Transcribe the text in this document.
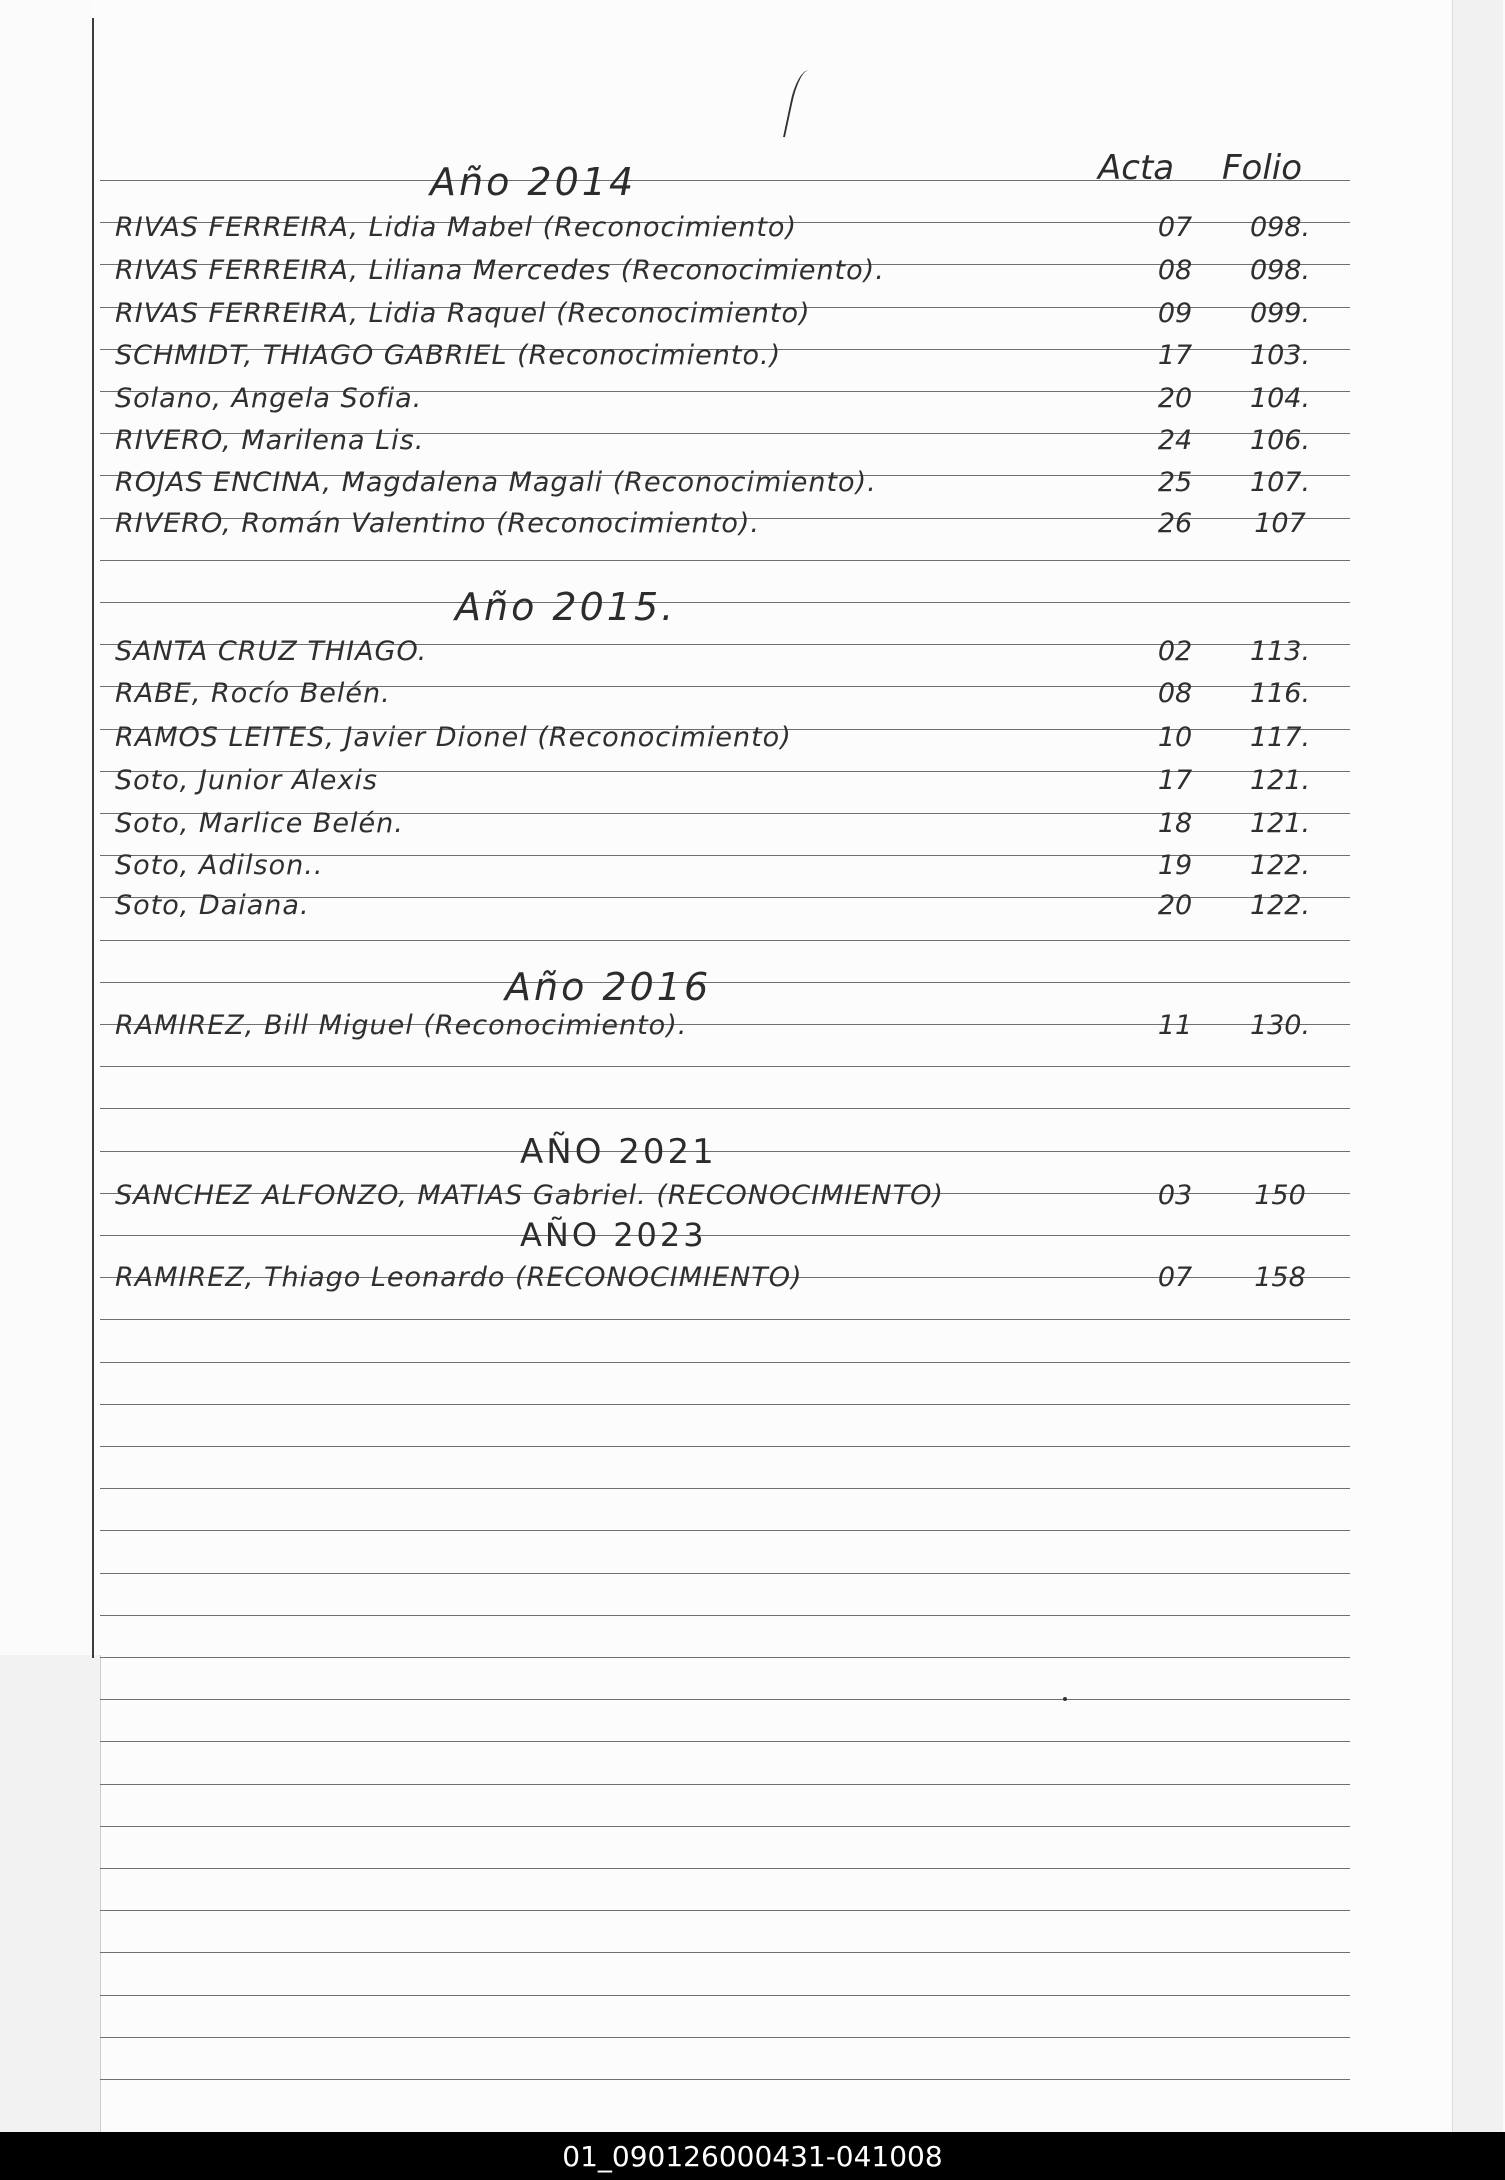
Acta Folio
Año 2014
RIVAS FERREIRA, Lidia Mabel (Reconocimiento)	07	098.
RIVAS FERREIRA, Liliana Mercedes (Reconocimiento).	08	098.
RIVAS FERREIRA, Lidia Raquel (Reconocimiento)	09	099.
SCHMIDT, THIAGO GABRIEL (Reconocimiento.)	17	103.
Solano, Angela Sofia.	20	104.
RIVERO, Marilena Lis.	24	106.
ROJAS ENCINA, Magdalena Magali (Reconocimiento).	25	107.
RIVERO, Román Valentino (Reconocimiento).	26	107
Año 2015.
SANTA CRUZ THIAGO.	02	113.
RABE, Rocío Belén.	08	116.
RAMOS LEITES, Javier Dionel (Reconocimiento)	10	117.
Soto, Junior Alexis	17	121.
Soto, Marlice Belén.	18	121.
Soto, Adilson..	19	122.
Soto, Daiana.	20	122.
Año 2016
RAMIREZ, Bill Miguel (Reconocimiento).	11	130.
AÑO 2021
SANCHEZ ALFONZO, MATIAS Gabriel. (RECONOCIMIENTO)	03	150
AÑO 2023
RAMIREZ, Thiago Leonardo (RECONOCIMIENTO)	07	158
01_090126000431-041008
